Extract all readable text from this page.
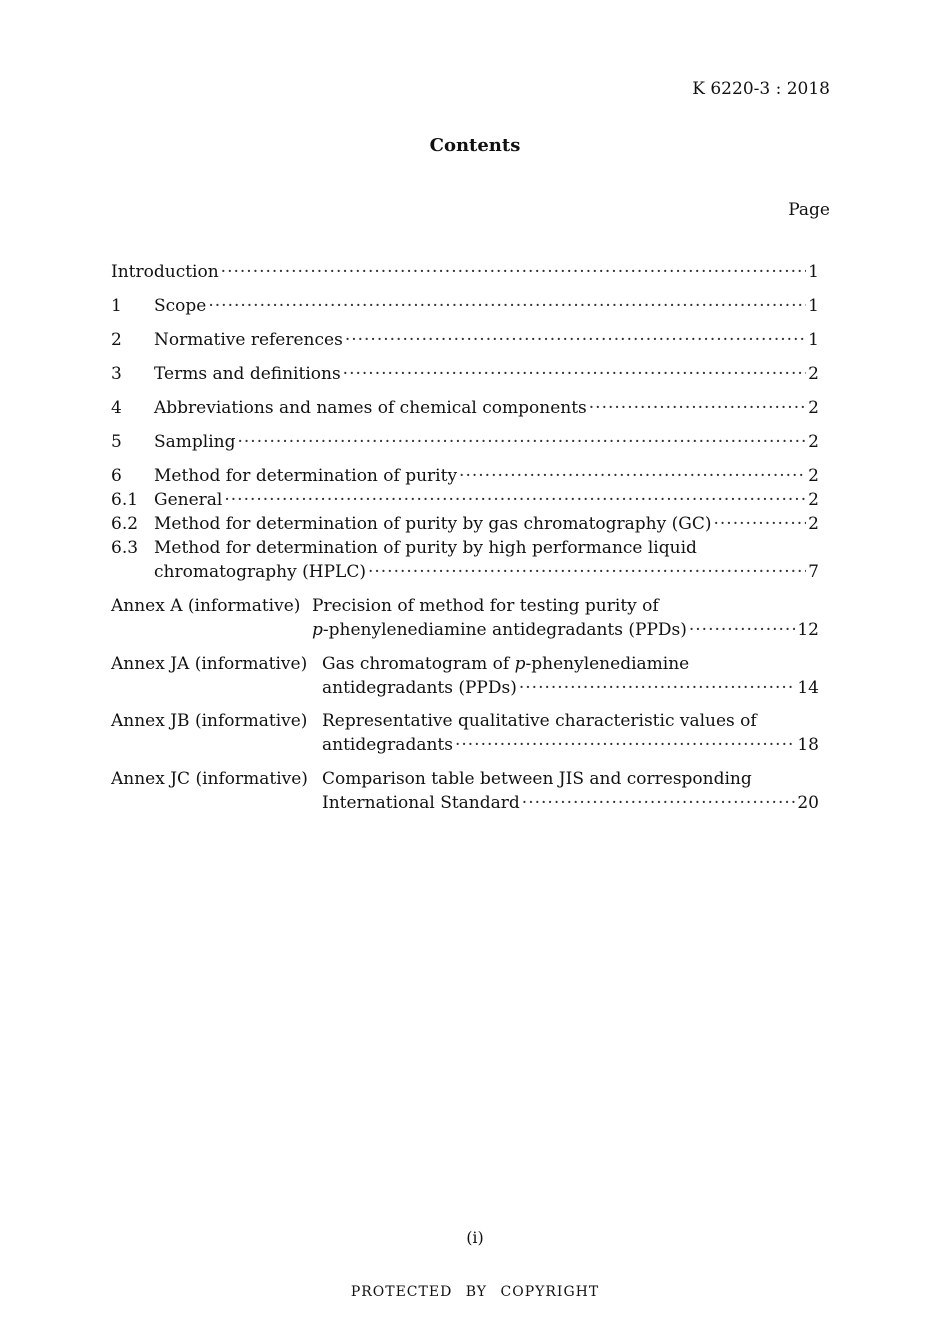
K 6220-3 : 2018
Contents
Page
Introduction ·····	1
1	Scope ·····	1
2	Normative references ·····	1
3	Terms and definitions ·····	2
4	Abbreviations and names of chemical components ·····	2
5	Sampling ·····	2
6	Method for determination of purity ·····	2
6.1 General ·····	2
6.2 Method for determination of purity by gas chromatography (GC) ·····	2
6.3 Method for determination of purity by high performance liquid
chromatography (HPLC) ·····	7
Annex A (informative) Precision of method for testing purity of
p-phenylenediamine antidegradants (PPDs) ·····	12
Annex JA (informative) Gas chromatogram of p-phenylenediamine
antidegradants (PPDs) ·····	14
Annex JB (informative) Representative qualitative characteristic values of
antidegradants ·····	18
Annex JC (informative) Comparison table between JIS and corresponding
International Standard ·····	20
(i)
PROTECTED BY COPYRIGHT
